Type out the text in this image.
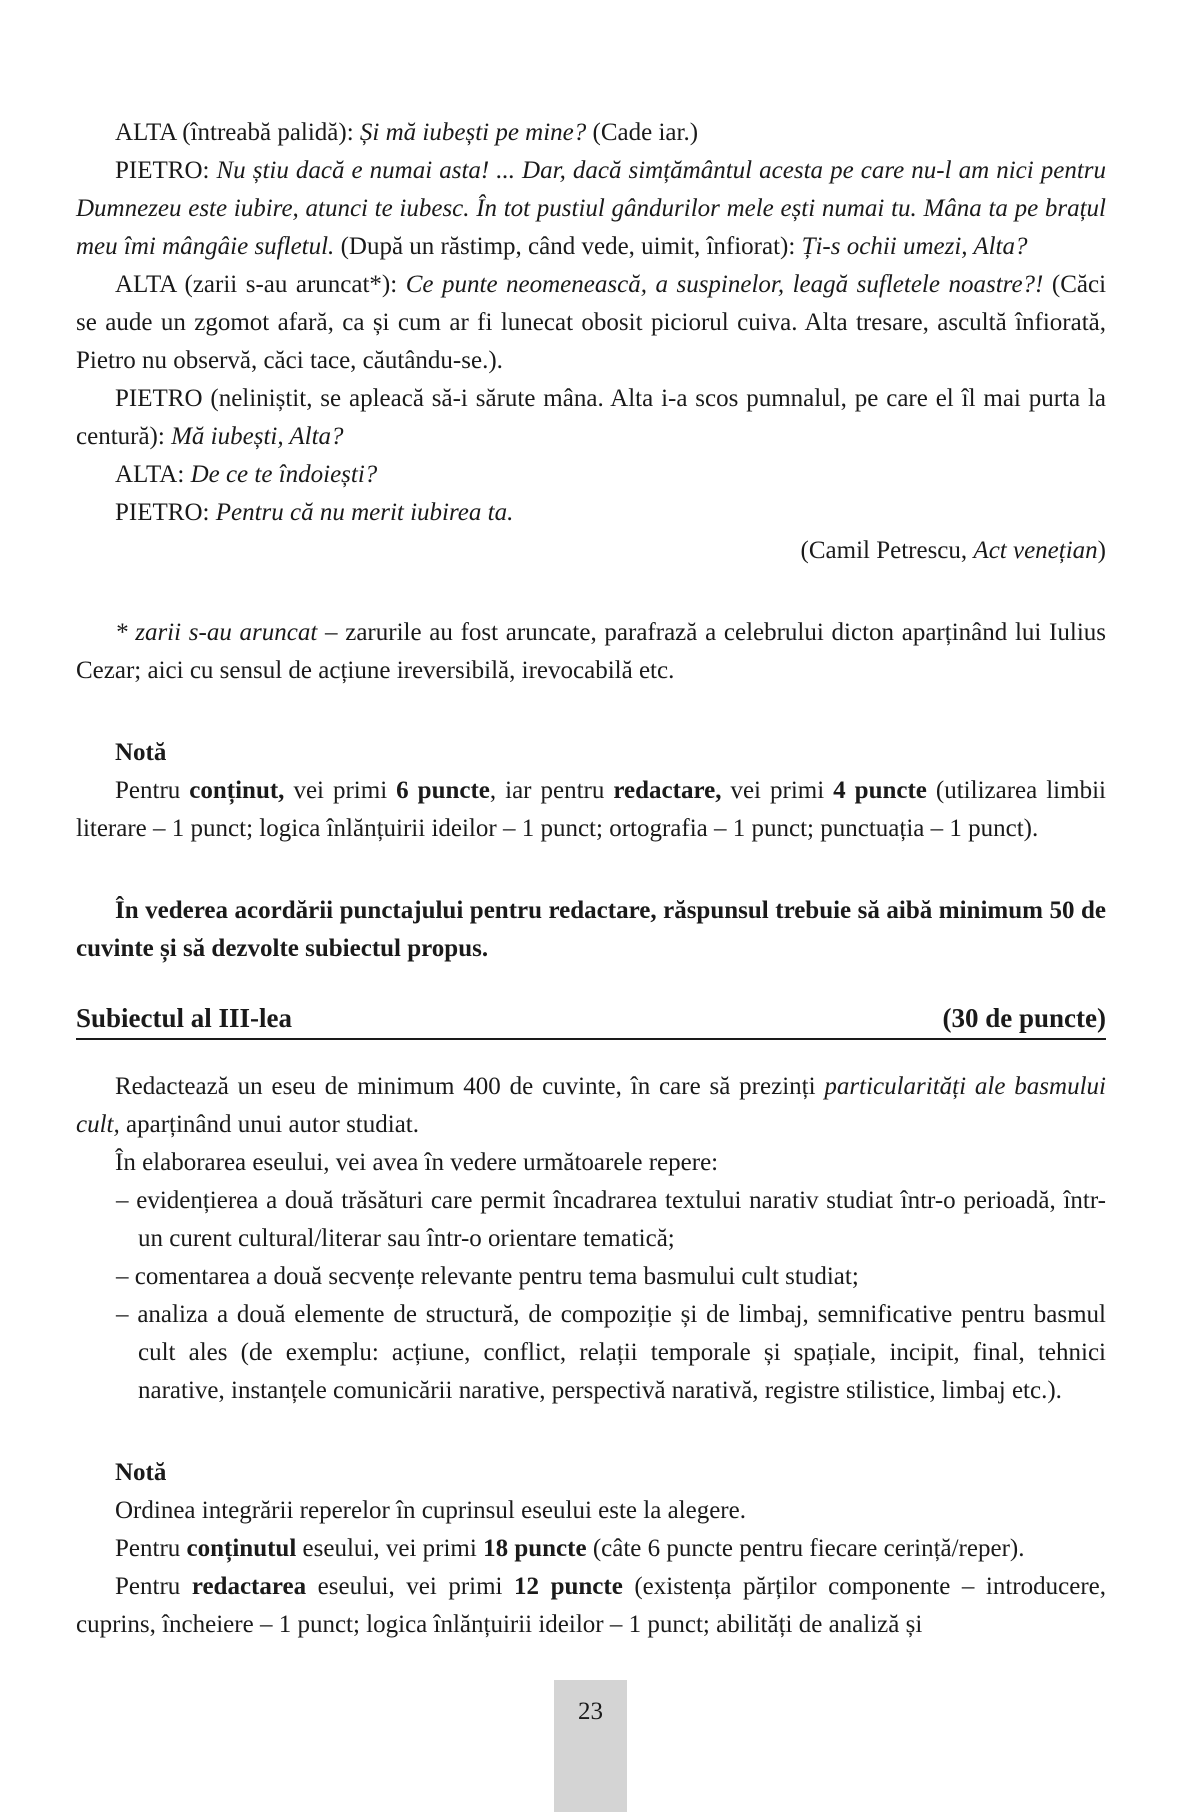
ALTA (întreabă palidă): Și mă iubești pe mine? (Cade iar.)

PIETRO: Nu știu dacă e numai asta! ... Dar, dacă simțământul acesta pe care nu-l am nici pentru Dumnezeu este iubire, atunci te iubesc. În tot pustiul gândurilor mele ești numai tu. Mâna ta pe brațul meu îmi mângâie sufletul. (După un răstimp, când vede, uimit, înfiorat): Ți-s ochii umezi, Alta?

ALTA (zarii s-au aruncat*): Ce punte neomenească, a suspinelor, leagă sufletele noastre?! (Căci se aude un zgomot afară, ca și cum ar fi lunecat obosit piciorul cuiva. Alta tresare, ascultă înfiorată, Pietro nu observă, căci tace, căutându-se.).

PIETRO (neliniștit, se apleacă să-i sărute mâna. Alta i-a scos pumnalul, pe care el îl mai purta la centură): Mă iubești, Alta?

ALTA: De ce te îndoiești?

PIETRO: Pentru că nu merit iubirea ta.

(Camil Petrescu, Act venețian)

* zarii s-au aruncat – zarurile au fost aruncate, parafrază a celebrului dicton aparținând lui Iulius Cezar; aici cu sensul de acțiune ireversibilă, irevocabilă etc.

Notă

Pentru conținut, vei primi 6 puncte, iar pentru redactare, vei primi 4 puncte (utilizarea limbii literare – 1 punct; logica înlănțuirii ideilor – 1 punct; ortografia – 1 punct; punctuația – 1 punct).

În vederea acordării punctajului pentru redactare, răspunsul trebuie să aibă minimum 50 de cuvinte și să dezvolte subiectul propus.

Subiectul al III-lea	(30 de puncte)

Redactează un eseu de minimum 400 de cuvinte, în care să prezinți particularități ale basmului cult, aparținând unui autor studiat.

În elaborarea eseului, vei avea în vedere următoarele repere:

– evidențierea a două trăsături care permit încadrarea textului narativ studiat într-o perioadă, într-un curent cultural/literar sau într-o orientare tematică;
– comentarea a două secvențe relevante pentru tema basmului cult studiat;
– analiza a două elemente de structură, de compoziție și de limbaj, semnificative pentru basmul cult ales (de exemplu: acțiune, conflict, relații temporale și spațiale, incipit, final, tehnici narative, instanțele comunicării narative, perspectivă narativă, registre stilistice, limbaj etc.).

Notă

Ordinea integrării reperelor în cuprinsul eseului este la alegere.

Pentru conținutul eseului, vei primi 18 puncte (câte 6 puncte pentru fiecare cerință/reper).

Pentru redactarea eseului, vei primi 12 puncte (existența părților componente – introducere, cuprins, încheiere – 1 punct; logica înlănțuirii ideilor – 1 punct; abilități de analiză și

23
